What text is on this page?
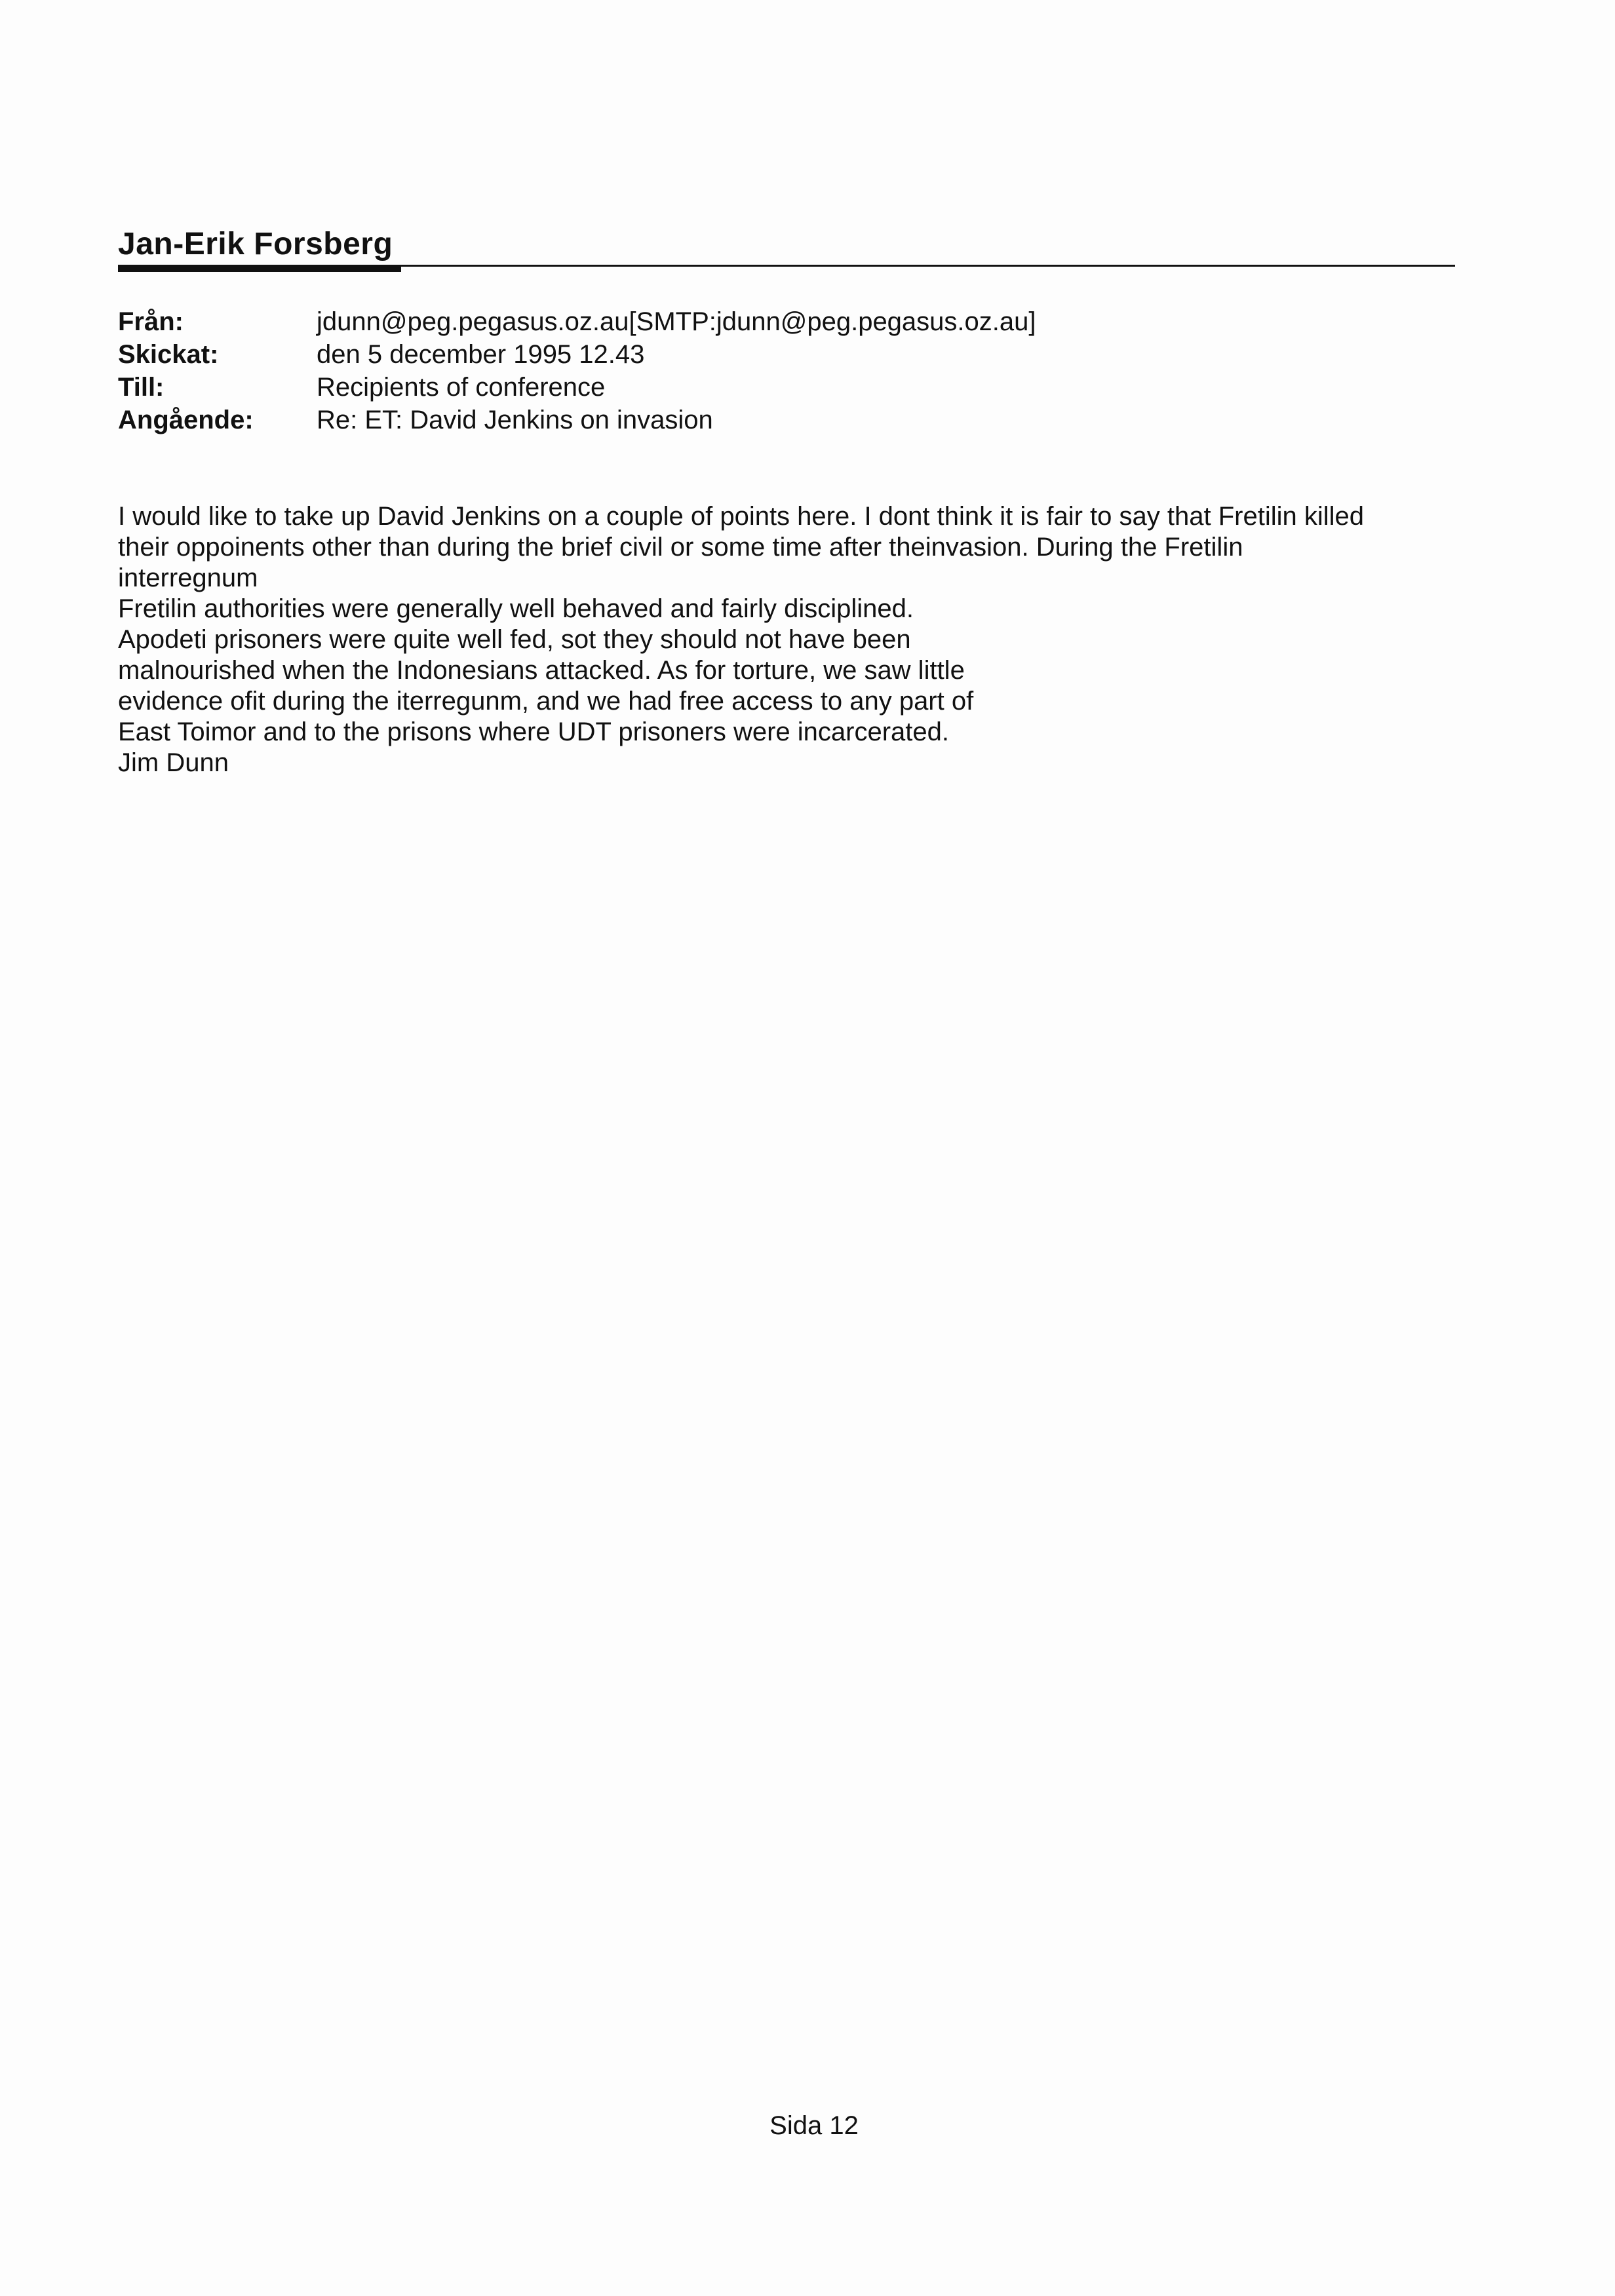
Jan-Erik Forsberg
Från:	jdunn@peg.pegasus.oz.au[SMTP:jdunn@peg.pegasus.oz.au]
Skickat:	den 5 december 1995 12.43
Till:	Recipients of conference
Angående:	Re: ET: David Jenkins on invasion
I would like to take up David Jenkins on a couple of points here. I dont think it is fair to say that Fretilin killed
their oppoinents other than during the brief civil or some time after theinvasion. During the Fretilin
interregnum
Fretilin authorities were generally well behaved and fairly disciplined.
Apodeti prisoners were quite well fed, sot they should not have been
malnourished when the Indonesians attacked. As for torture, we saw little
evidence ofit during the iterregunm, and we had free access to any part of
East Toimor and to the prisons where UDT prisoners were incarcerated.
Jim Dunn
Sida 12
